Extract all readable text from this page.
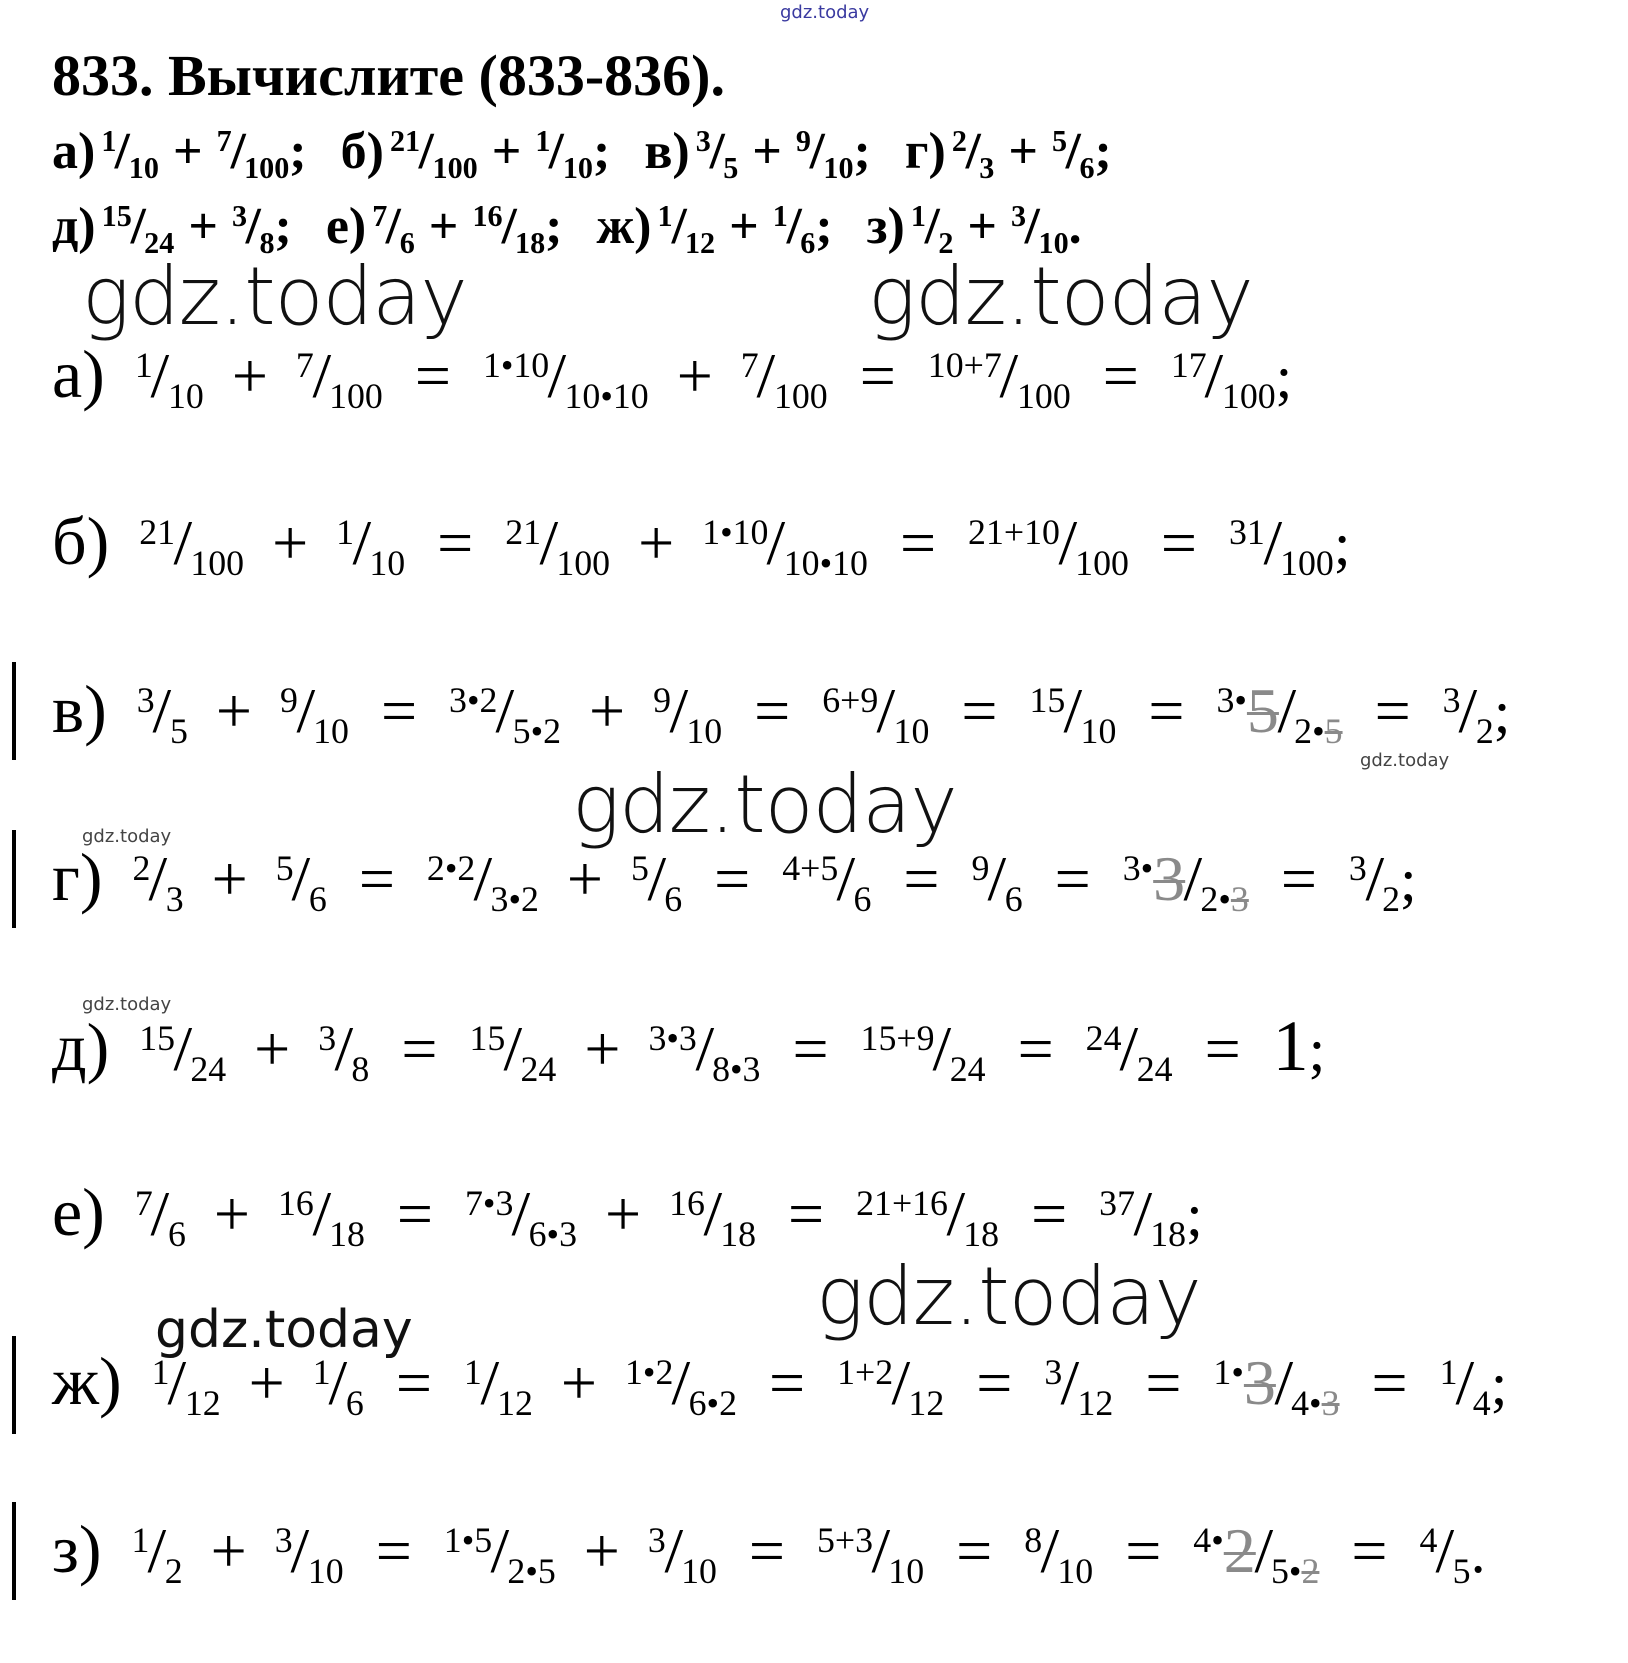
gdz.today
833. Вычислите (833-836).
а) $^1$/10 + $^7$/100; б) $^{21}$/100 + $^1$/10; в) $^3$/5 + $^9$/10; г) $^2$/3 + $^5$/6;
д) $^{15}$/24 + $^3$/8; е) $^7$/6 + $^{16}$/18; ж) $^1$/12 + $^1$/6; з) $^1$/2 + $^3$/10.
gdz.today	gdz.today
gdz.today
gdz.today
gdz.today
gdz.today
gdz.today
gdz.today
а) $^1$/10 + $^7$/100 = $^{1•10}$/10•10 + $^7$/100 = $^{10+7}$/100 = $^{17}$/100;
б) $^{21}$/100 + $^1$/10 = $^{21}$/100 + $^{1•10}$/10•10 = $^{21+10}$/100 = $^{31}$/100;
в) $^3$/5 + $^9$/10 = $^{3•2}$/5•2 + $^9$/10 = $^{6+9}$/10 = $^{15}$/10 = $^{3•}$5/2•5 = $^3$/2;
г) $^2$/3 + $^5$/6 = $^{2•2}$/3•2 + $^5$/6 = $^{4+5}$/6 = $^9$/6 = $^{3•}$3/2•3 = $^3$/2;
д) $^{15}$/24 + $^3$/8 = $^{15}$/24 + $^{3•3}$/8•3 = $^{15+9}$/24 = $^{24}$/24 = 1;
е) $^7$/6 + $^{16}$/18 = $^{7•3}$/6•3 + $^{16}$/18 = $^{21+16}$/18 = $^{37}$/18;
ж) $^1$/12 + $^1$/6 = $^1$/12 + $^{1•2}$/6•2 = $^{1+2}$/12 = $^3$/12 = $^{1•}$3/4•3 = $^1$/4;
з) $^1$/2 + $^3$/10 = $^{1•5}$/2•5 + $^3$/10 = $^{5+3}$/10 = $^8$/10 = $^{4•}$2/5•2 = $^4$/5.
